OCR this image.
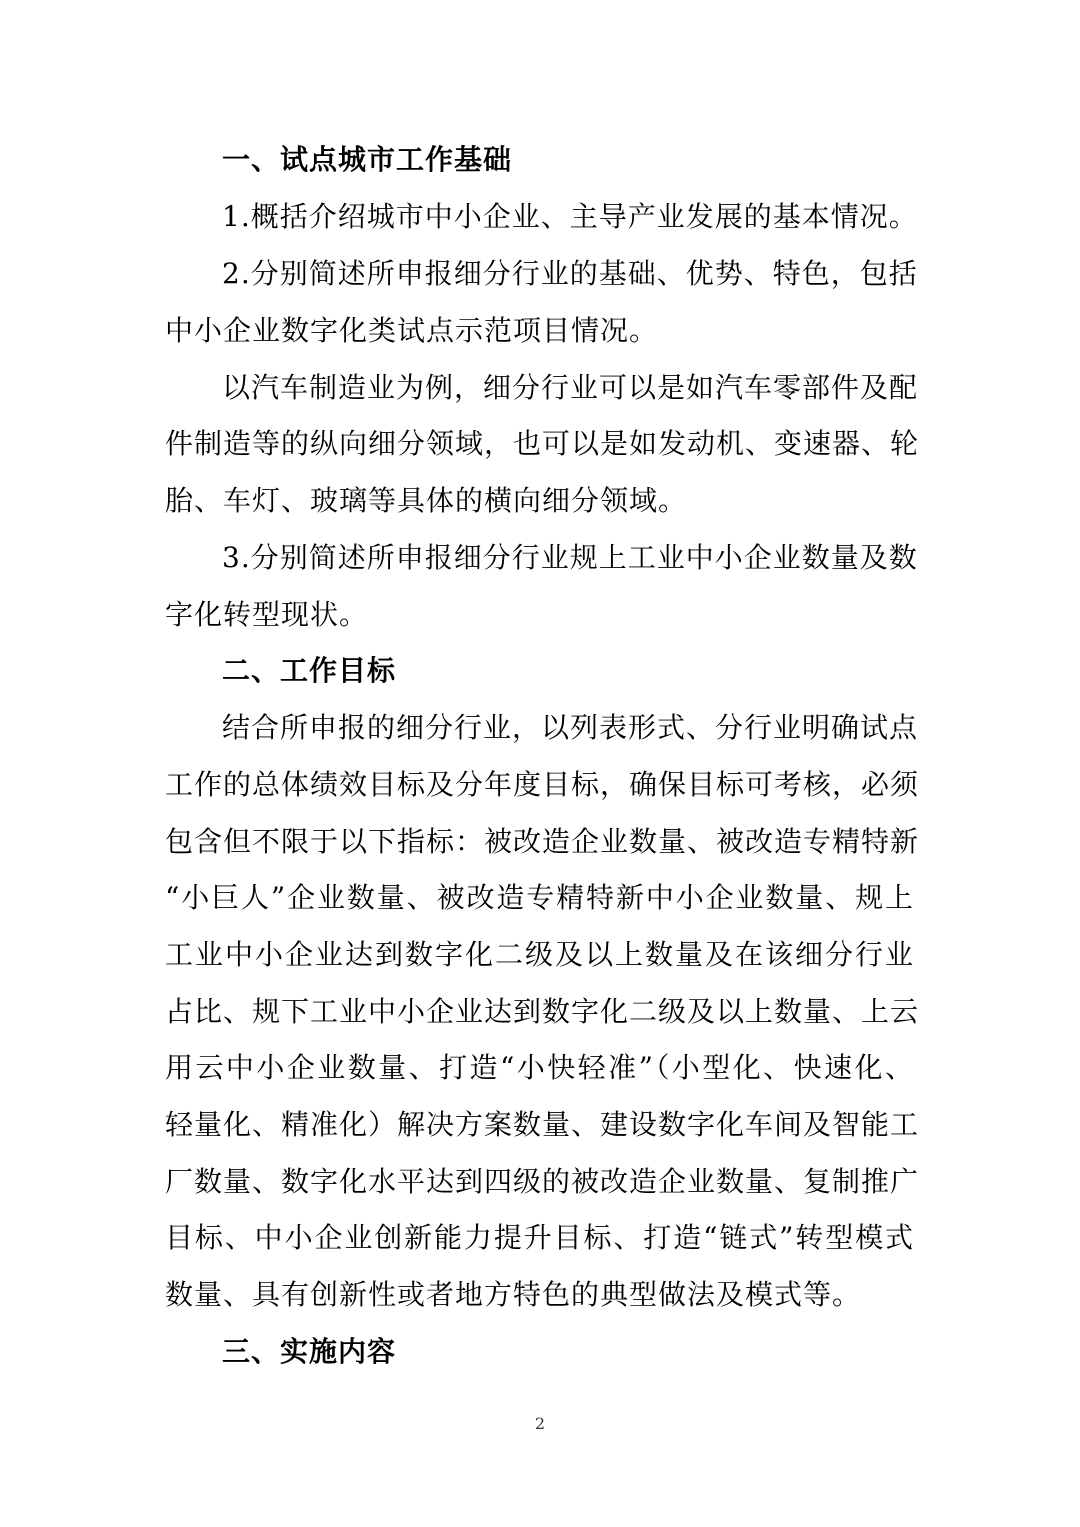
一、试点城市工作基础
1.概括介绍城市中小企业、主导产业发展的基本情况。
2.分别简述所申报细分行业的基础、优势、特色，包括
中小企业数字化类试点示范项目情况。
以汽车制造业为例，细分行业可以是如汽车零部件及配
件制造等的纵向细分领域，也可以是如发动机、变速器、轮
胎、车灯、玻璃等具体的横向细分领域。
3.分别简述所申报细分行业规上工业中小企业数量及数
字化转型现状。
二、工作目标
结合所申报的细分行业，以列表形式、分行业明确试点
工作的总体绩效目标及分年度目标，确保目标可考核，必须
包含但不限于以下指标：被改造企业数量、被改造专精特新
“小巨人”企业数量、被改造专精特新中小企业数量、规上
工业中小企业达到数字化二级及以上数量及在该细分行业
占比、规下工业中小企业达到数字化二级及以上数量、上云
用云中小企业数量、打造“小快轻准”（小型化、快速化、
轻量化、精准化）解决方案数量、建设数字化车间及智能工
厂数量、数字化水平达到四级的被改造企业数量、复制推广
目标、中小企业创新能力提升目标、打造“链式”转型模式
数量、具有创新性或者地方特色的典型做法及模式等。
三、实施内容
2
